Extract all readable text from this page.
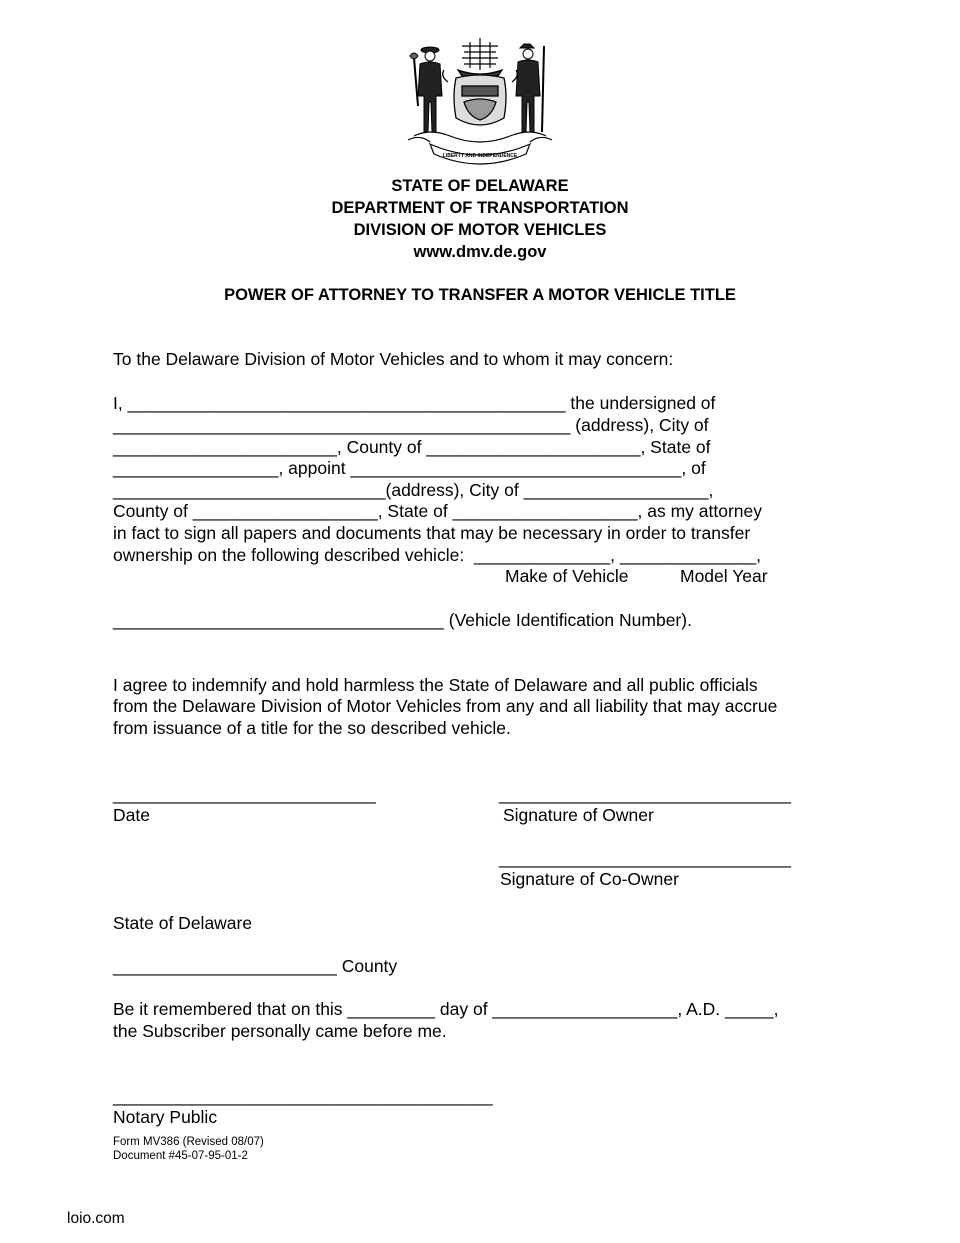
LIBERTY AND INDEPENDENCE
STATE OF DELAWARE
DEPARTMENT OF TRANSPORTATION
DIVISION OF MOTOR VEHICLES
www.dmv.de.gov
POWER OF ATTORNEY TO TRANSFER A MOTOR VEHICLE TITLE
To the Delaware Division of Motor Vehicles and to whom it may concern:
I, _____________________________________________ the undersigned of
_______________________________________________ (address), City of
_______________________, County of ______________________, State of
_________________, appoint __________________________________, of
____________________________(address), City of ___________________,
County of ___________________, State of ___________________, as my attorney
in fact to sign all papers and documents that may be necessary in order to transfer
ownership on the following described vehicle:  ______________, ______________,
Make of Vehicle	Model Year
__________________________________ (Vehicle Identification Number).
I agree to indemnify and hold harmless the State of Delaware and all public officials
from the Delaware Division of Motor Vehicles from any and all liability that may accrue
from issuance of a title for the so described vehicle.
___________________________
Date
______________________________
Signature of Owner
______________________________
Signature of Co-Owner
State of Delaware
_______________________ County
Be it remembered that on this _________ day of ___________________, A.D. _____,
the Subscriber personally came before me.
_______________________________________
Notary Public
Form MV386 (Revised 08/07)
Document #45-07-95-01-2
loio.com
